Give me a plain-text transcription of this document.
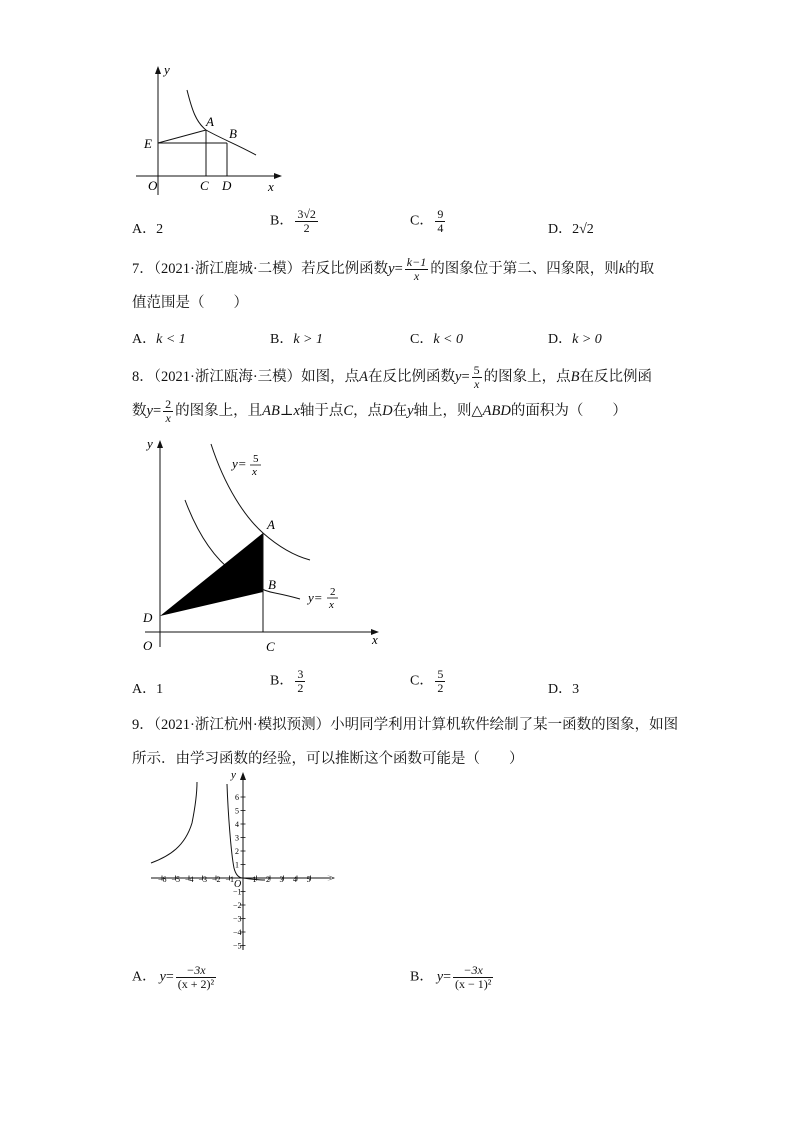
y
A
B
E
O	C D	x
A．2
B． $\frac{3√2}{2}$	C． $\frac{9}{4}$	D．2√2
7．（2021·浙江鹿城·二模）若反比例函数$y= \frac{k-1}{x}$ 的图象位于第二、四象限，则k的取
值范围是（　　）
A．k < 1	B．k > 1	C．k < 0	D．k > 0
8．（2021·浙江瓯海·三模）如图，点A在反比例函数$y= \frac{5}{x}$ 的图象上，点B在反比例函
数$y= \frac{2}{x}$ 的图象上，且AB⊥x轴于点C，点D在y轴上，则△ABD的面积为（　　）
y
x
O	C
D
A
B
y= 5
x
y= 2
x
A．1
B． $\frac{3}{2}$	C． $\frac{5}{2}$	D．3
9．（2021·浙江杭州·模拟预测）小明同学利用计算机软件绘制了某一函数的图象，如图
所示．由学习函数的经验，可以推断这个函数可能是（　　）
−6 −5 −4 −3 −2 −1 1 2 3 4 5
6
5
4
3
2
1
−1
−2
−3
−4
−5
y
O
A． $y= \frac{-3x}{\text{(x + 2)²}}$	B． $y= \frac{-3x}{\text{(x − 1)²}}$
